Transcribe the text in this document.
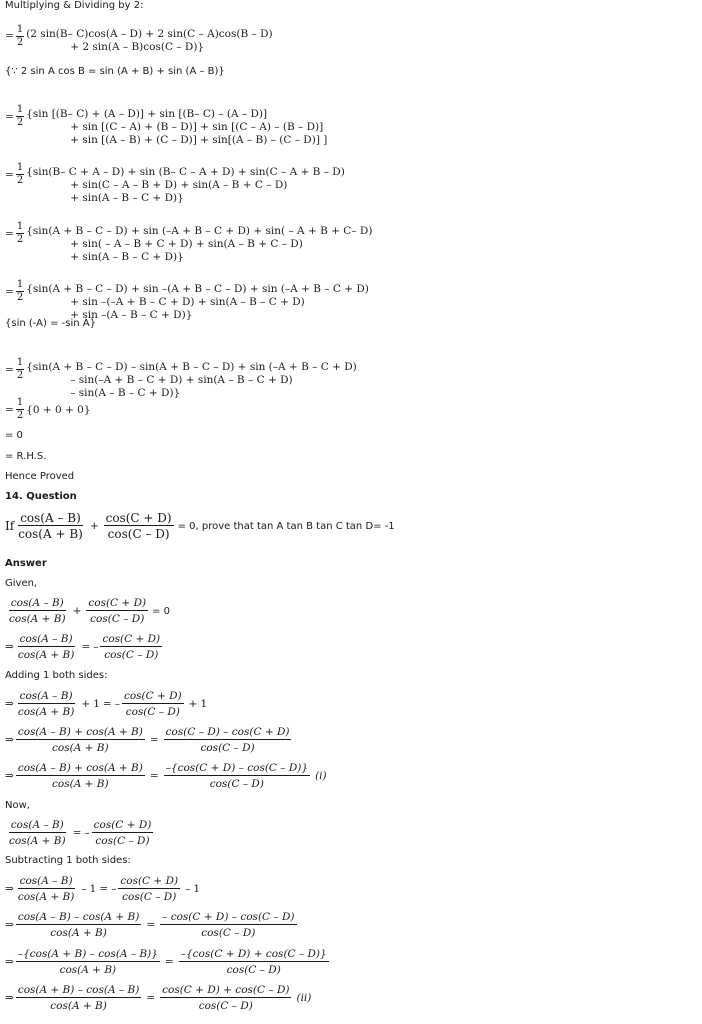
Multiplying & Dividing by 2:
= $\frac{1}{2} (2$ sin(B– C)cos(A – D) + 2 sin(C – A)cos(B – D)
+ 2 sin(A – B)cos(C – D)}
{∵ 2 sin A cos B = sin (A + B) + sin (A – B)}
= $\frac{1}{2} \{\sin$ [(B– C) + (A – D)] + sin [(B– C) – (A – D)]
+ sin [(C – A) + (B – D)] + sin [(C – A) – (B – D)]
+ sin [(A – B) + (C – D)] + sin[(A – B) – (C – D)] ]
= $\frac{1}{2} \{\sin(B-$ C + A – D) + sin (B– C – A + D) + sin(C – A + B – D)
+ sin(C – A – B + D) + sin(A – B + C – D)
+ sin(A – B – C + D)}
= $\frac{1}{2} \{\sin(A + B - C - D) + \sin (-A + B - C + D) + \sin( - A + B + C-$ D)
+ sin( – A – B + C + D) + sin(A – B + C – D)
+ sin(A – B – C + D)}
= $\frac{1}{2} \{\sin(A + B - C - D) + \sin -(A + B - C - D) + \sin (-A + B - C + D)$
+ sin –(–A + B – C + D) + sin(A – B – C + D)
+ sin –(A – B – C + D)}
{sin (-A) = -sin A}
= $\frac{1}{2} \{\sin(A + B - C - D) - \sin(A + B - C - D) + \sin (-A + B - C + D)$
– sin(–A + B – C + D) + sin(A – B – C + D)
– sin(A – B – C + D)}
= $\frac{1}{2} \{0 + 0 + 0\}$
= 0
= R.H.S.
Hence Proved
14. Question
If
cos(A – B)
cos(A + B)
+ $\frac{\cos(C + D)}{\cos(C - D)} = 0$, prove that tan A tan B tan C tan D= -1
Answer
Given,
cos(A – B)
cos(A + B)
+ $\frac{\cos(C + D)}{\cos(C - D)} = 0$
⇒ $\frac{\cos(A - B)}{\cos(A + B)}$ = –
cos(C + D)
cos(C – D)
Adding 1 both sides:
⇒
cos(A – B)
cos(A + B)
+ 1 = –
cos(C + D)
cos(C – D)
+ 1
⇒ $\frac{\cos(A - B) + \cos(A + B)}{\cos(A + B)} = \frac{\cos(C - D) - \cos(C + D)}{\cos(C - D)}$
⇒ $\frac{\cos(A - B) + \cos(A + B)}{\cos(A + B)} = \frac{-\{\cos(C + D) - \cos(C - D)\}}{\cos(C - D)} (i)$
Now,
$\frac{\cos(A - B)}{\cos(A + B)}$ = –
cos(C + D)
cos(C – D)
Subtracting 1 both sides:
⇒
cos(A – B)
cos(A + B)
– 1 = –
cos(C + D)
cos(C – D)
– 1
⇒ $\frac{\cos(A - B) - \cos(A + B)}{\cos(A + B)} = \frac{- \cos(C + D) - \cos(C - D)}{\cos(C - D)}$
⇒ $\frac{-\{\cos(A + B) - \cos(A - B)\}}{\cos(A + B)} = \frac{-\{\cos(C + D) + \cos(C - D)\}}{\cos(C - D)}$
⇒ $\frac{\cos(A + B) - \cos(A - B)}{\cos(A + B)} = \frac{\cos(C + D) + \cos(C - D)}{\cos(C - D)} (ii)$
